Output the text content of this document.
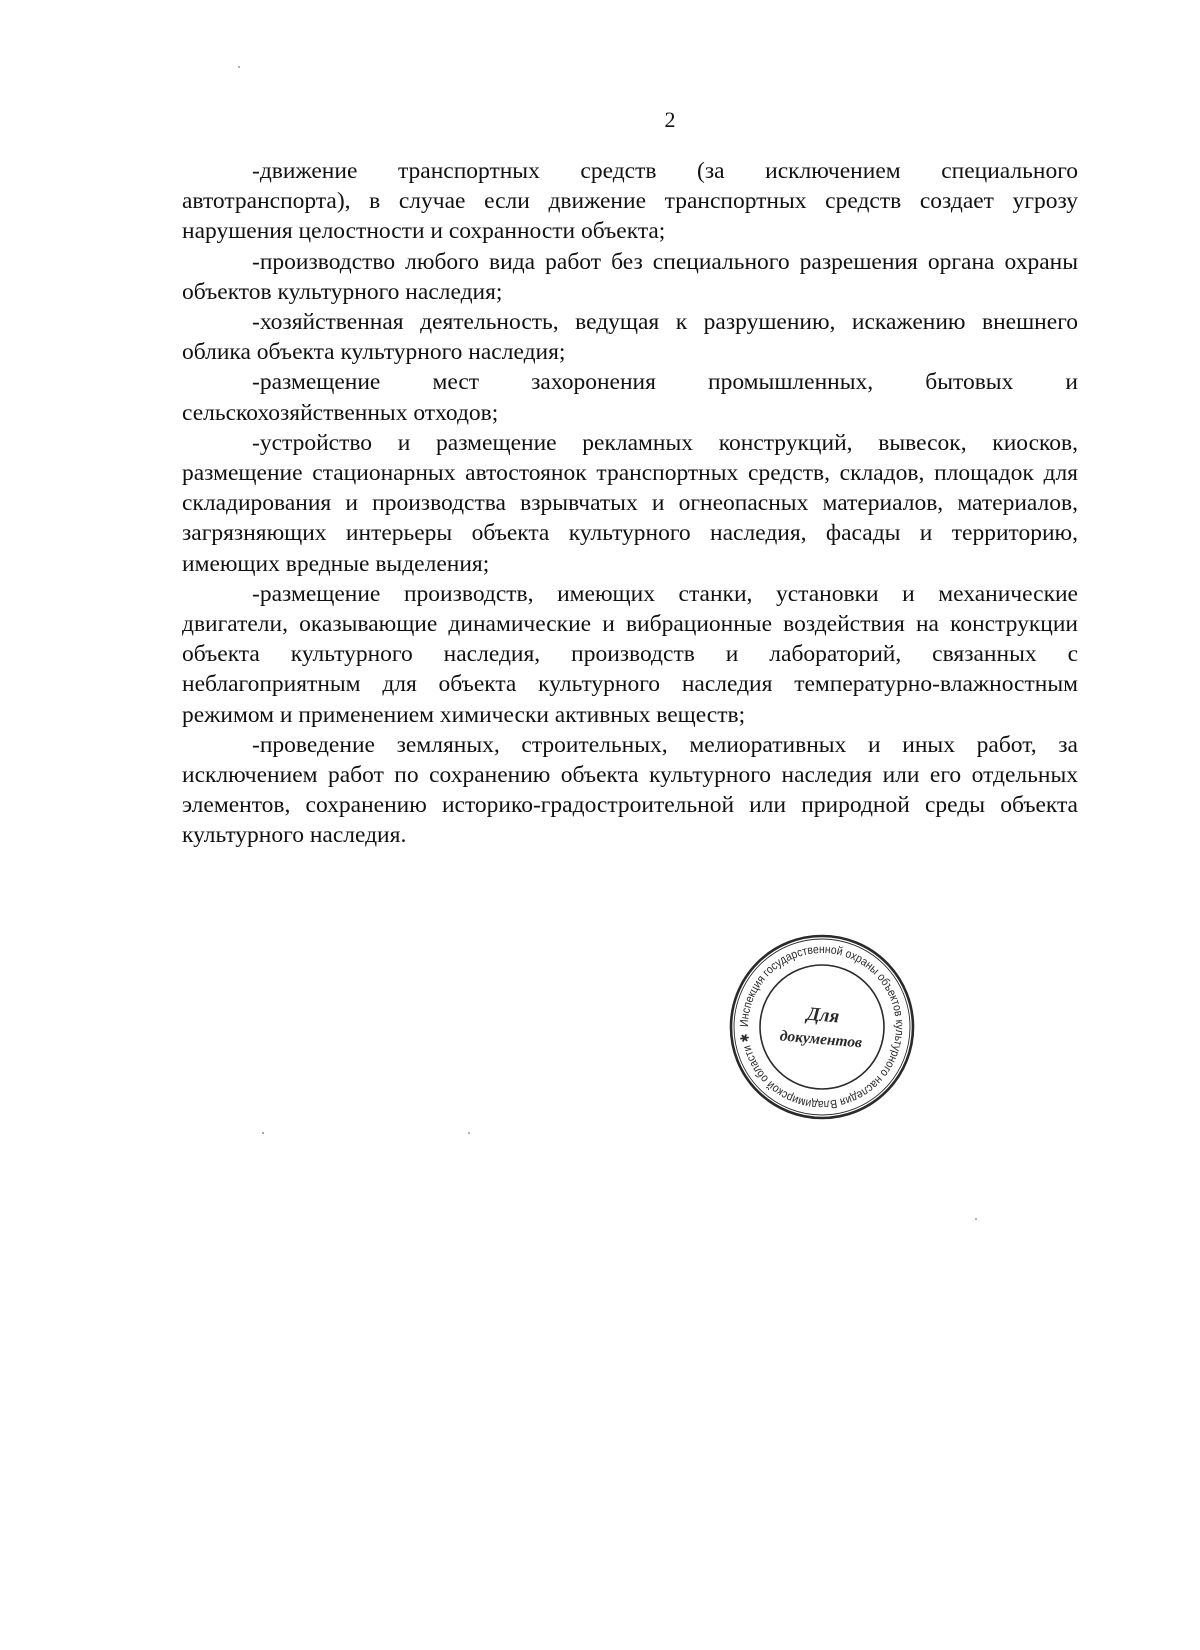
2

-движение транспортных средств (за исключением специального автотранспорта), в случае если движение транспортных средств создает угрозу нарушения целостности и сохранности объекта;

-производство любого вида работ без специального разрешения органа охраны объектов культурного наследия;

-хозяйственная деятельность, ведущая к разрушению, искажению внешнего облика объекта культурного наследия;

-размещение мест захоронения промышленных, бытовых и сельскохозяйственных отходов;

-устройство и размещение рекламных конструкций, вывесок, киосков, размещение стационарных автостоянок транспортных средств, складов, площадок для складирования и производства взрывчатых и огнеопасных материалов, материалов, загрязняющих интерьеры объекта культурного наследия, фасады и территорию, имеющих вредные выделения;

-размещение производств, имеющих станки, установки и механические двигатели, оказывающие динамические и вибрационные воздействия на конструкции объекта культурного наследия, производств и лабораторий, связанных с неблагоприятным для объекта культурного наследия температурно-влажностным режимом и применением химически активных веществ;

-проведение земляных, строительных, мелиоративных и иных работ, за исключением работ по сохранению объекта культурного наследия или его отдельных элементов, сохранению историко-градостроительной или природной среды объекта культурного наследия.

Инспекция государственной охраны объектов культурного наследия Владимирской области ✱
Для
документов
